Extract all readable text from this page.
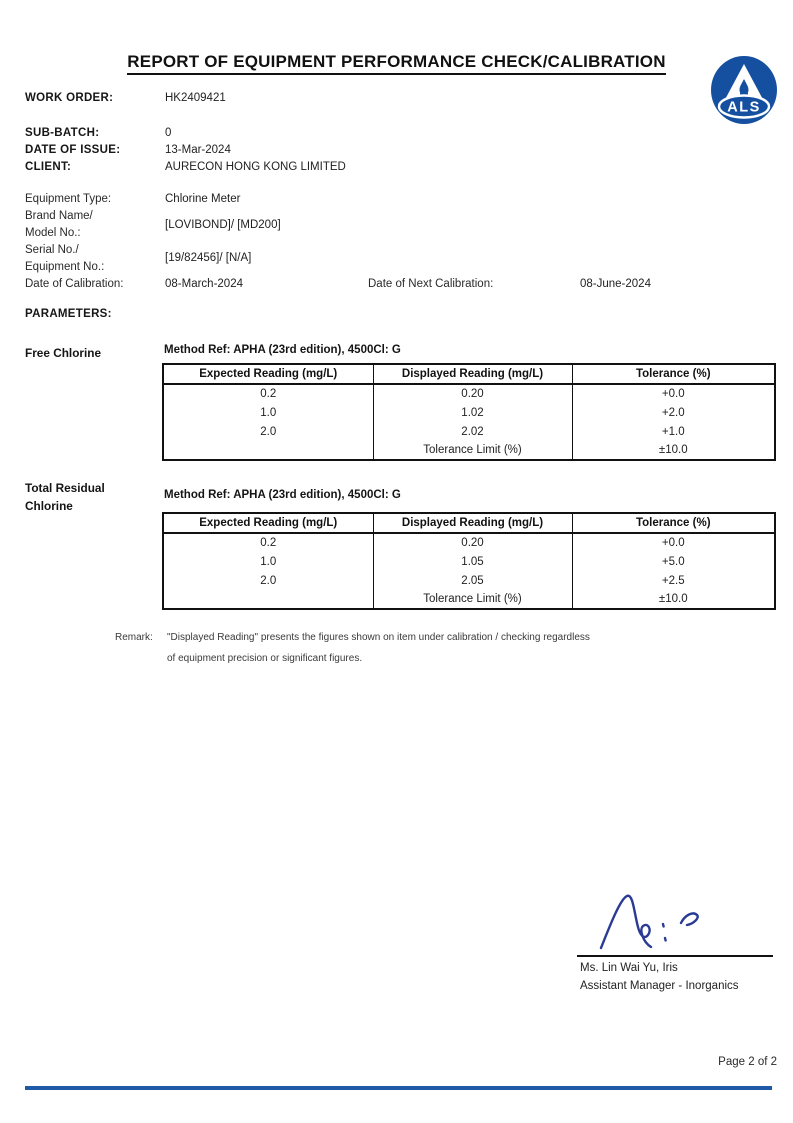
REPORT OF EQUIPMENT PERFORMANCE CHECK/CALIBRATION
ALS
WORK ORDER:	HK2409421
SUB-BATCH:	0
DATE OF ISSUE:	13-Mar-2024
CLIENT:	AURECON HONG KONG LIMITED
Equipment Type:	Chlorine Meter
Brand Name/
Model No.:
[LOVIBOND]/ [MD200]
Serial No./
Equipment No.:
[19/82456]/ [N/A]
Date of Calibration:	08-March-2024	Date of Next Calibration:	08-June-2024
PARAMETERS:
Free Chlorine	Method Ref: APHA (23rd edition), 4500Cl: G
Expected Reading (mg/L)	Displayed Reading (mg/L)	Tolerance (%)
0.2	0.20	+0.0
1.0	1.02	+2.0
2.0	2.02	+1.0
	Tolerance Limit (%)	±10.0
Total Residual
Chlorine
Method Ref: APHA (23rd edition), 4500Cl: G
Expected Reading (mg/L)	Displayed Reading (mg/L)	Tolerance (%)
0.2	0.20	+0.0
1.0	1.05	+5.0
2.0	2.05	+2.5
	Tolerance Limit (%)	±10.0
Remark: "Displayed Reading" presents the figures shown on item under calibration / checking regardless
of equipment precision or significant figures.
Ms. Lin Wai Yu, Iris
Assistant Manager - Inorganics
Page 2 of 2
